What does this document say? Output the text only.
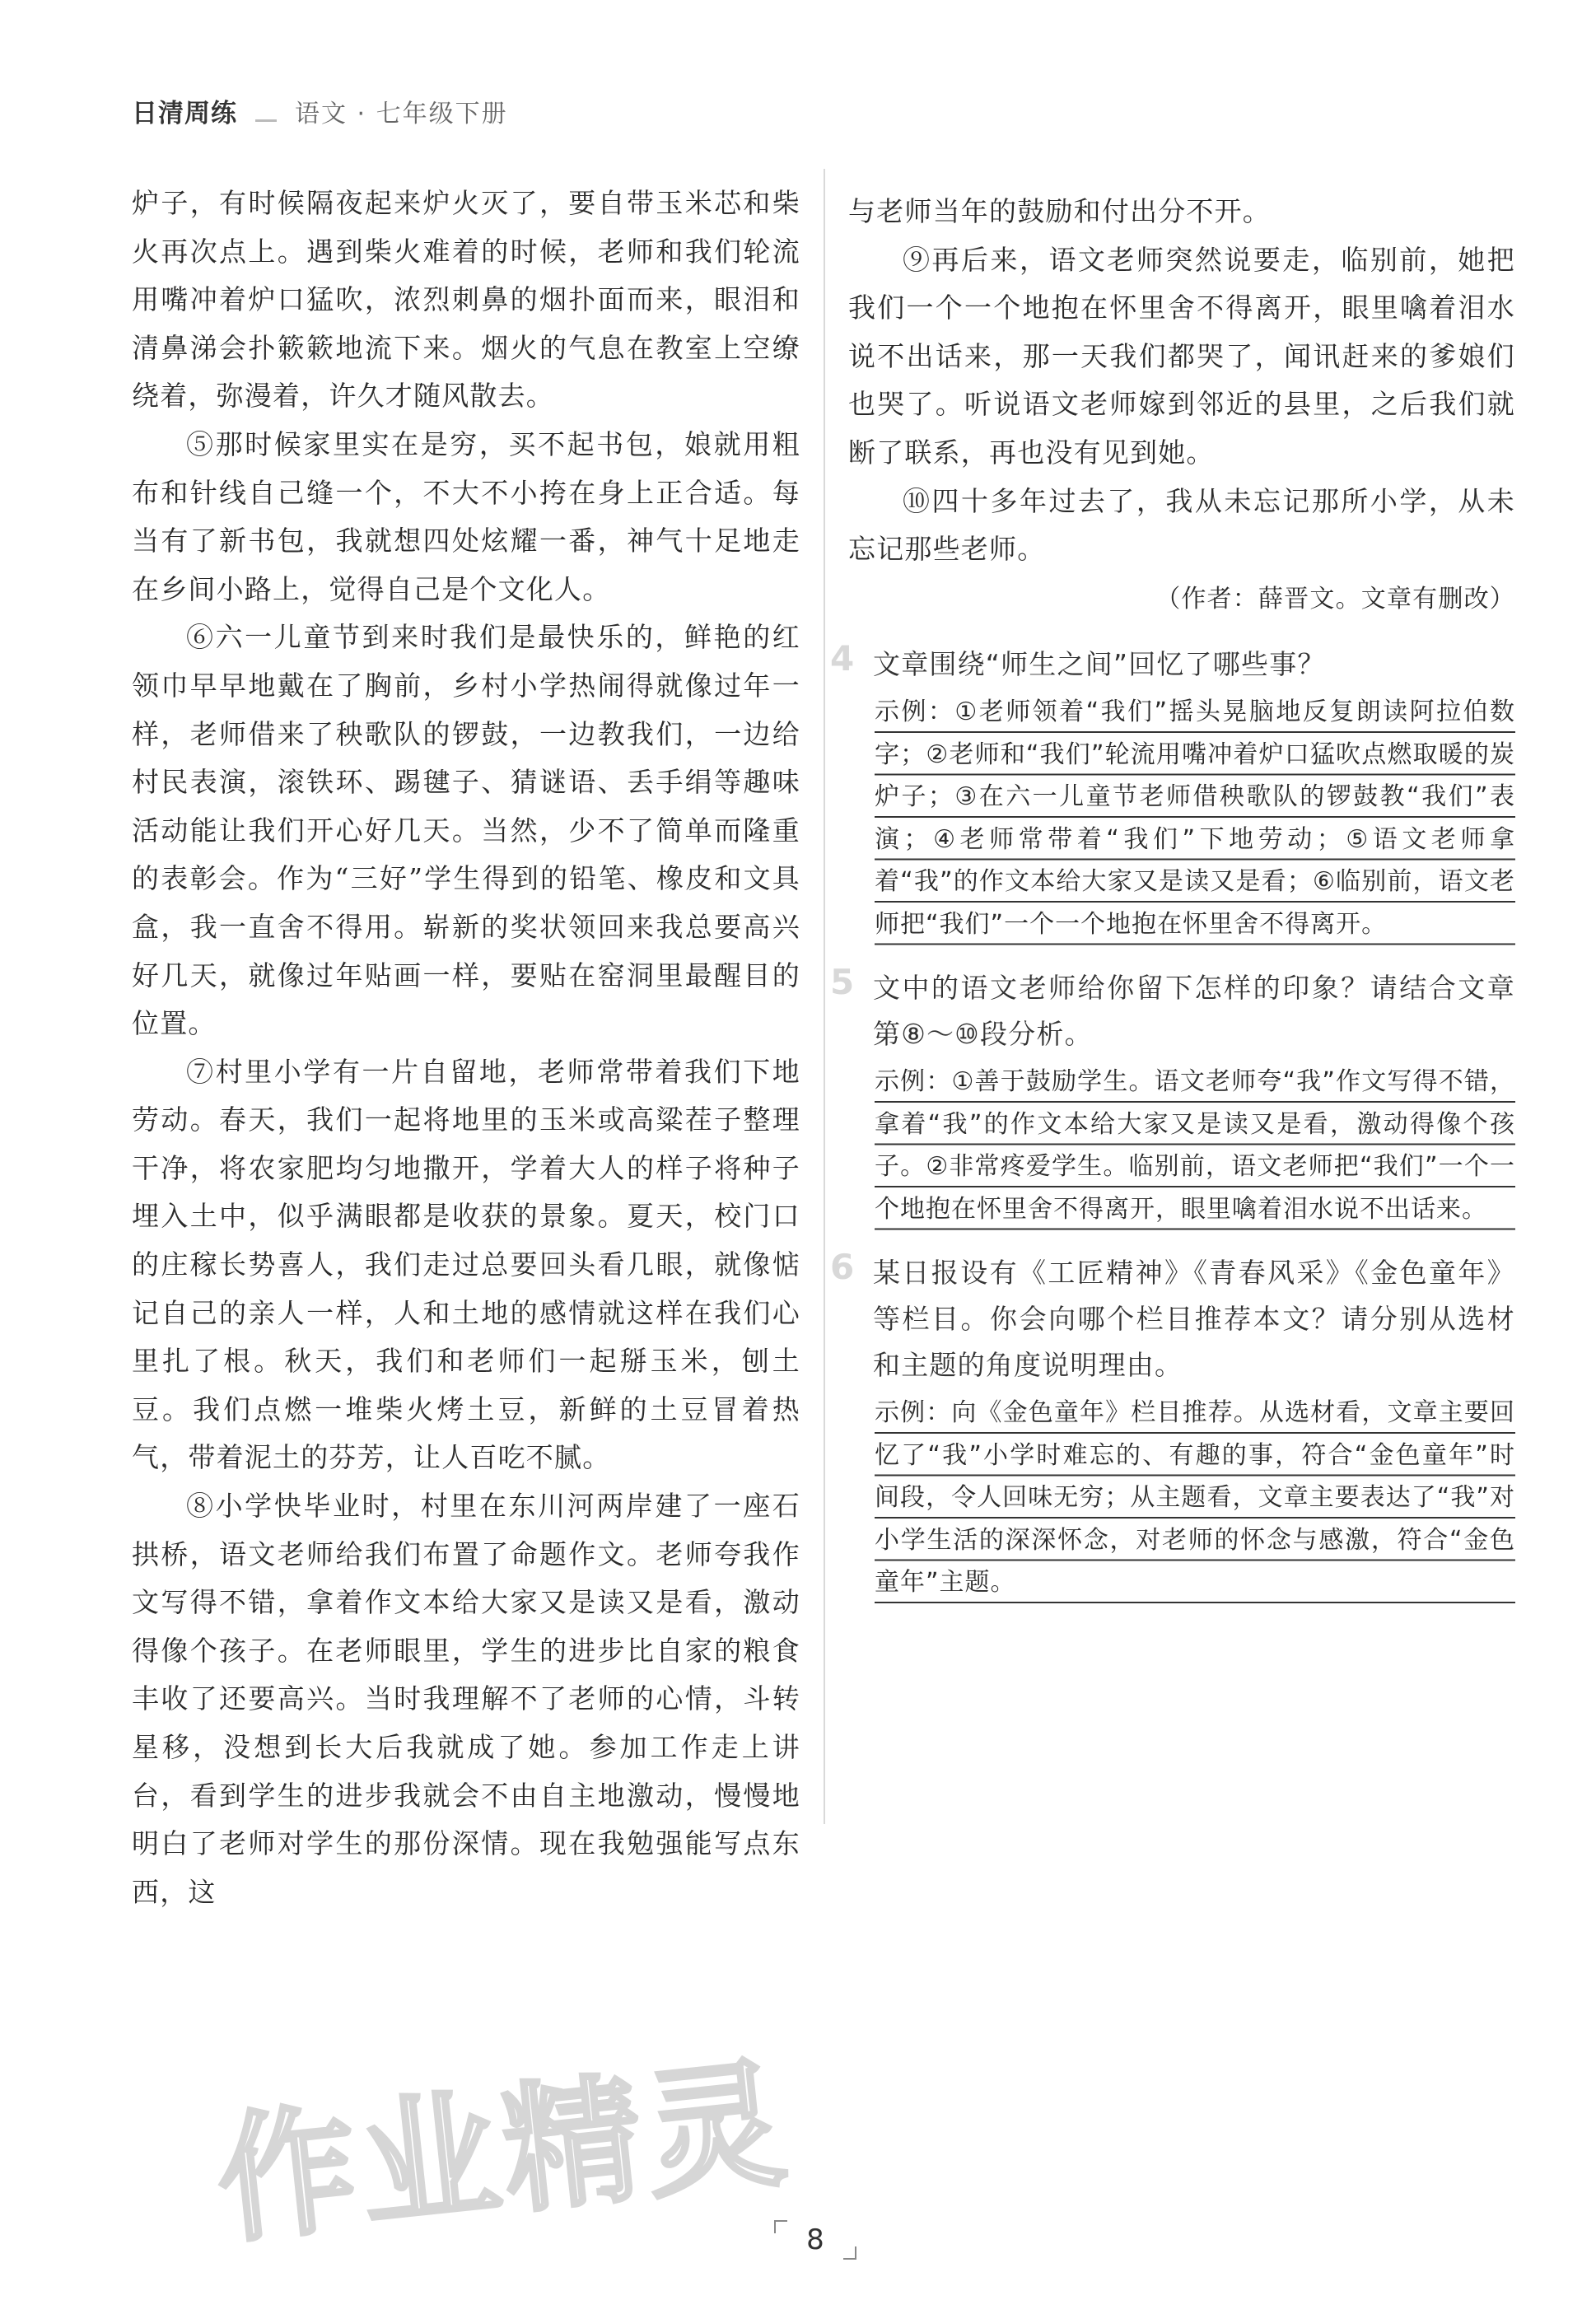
日清周练 语文 · 七年级下册

炉子，有时候隔夜起来炉火灭了，要自带玉米芯和柴火再次点上。遇到柴火难着的时候，老师和我们轮流用嘴冲着炉口猛吹，浓烈刺鼻的烟扑面而来，眼泪和清鼻涕会扑簌簌地流下来。烟火的气息在教室上空缭绕着，弥漫着，许久才随风散去。

⑤那时候家里实在是穷，买不起书包，娘就用粗布和针线自己缝一个，不大不小挎在身上正合适。每当有了新书包，我就想四处炫耀一番，神气十足地走在乡间小路上，觉得自己是个文化人。

⑥六一儿童节到来时我们是最快乐的，鲜艳的红领巾早早地戴在了胸前，乡村小学热闹得就像过年一样，老师借来了秧歌队的锣鼓，一边教我们，一边给村民表演，滚铁环、踢毽子、猜谜语、丢手绢等趣味活动能让我们开心好几天。当然，少不了简单而隆重的表彰会。作为“三好”学生得到的铅笔、橡皮和文具盒，我一直舍不得用。崭新的奖状领回来我总要高兴好几天，就像过年贴画一样，要贴在窑洞里最醒目的位置。

⑦村里小学有一片自留地，老师常带着我们下地劳动。春天，我们一起将地里的玉米或高粱茬子整理干净，将农家肥均匀地撒开，学着大人的样子将种子埋入土中，似乎满眼都是收获的景象。夏天，校门口的庄稼长势喜人，我们走过总要回头看几眼，就像惦记自己的亲人一样，人和土地的感情就这样在我们心里扎了根。秋天，我们和老师们一起掰玉米，刨土豆。我们点燃一堆柴火烤土豆，新鲜的土豆冒着热气，带着泥土的芬芳，让人百吃不腻。

⑧小学快毕业时，村里在东川河两岸建了一座石拱桥，语文老师给我们布置了命题作文。老师夸我作文写得不错，拿着作文本给大家又是读又是看，激动得像个孩子。在老师眼里，学生的进步比自家的粮食丰收了还要高兴。当时我理解不了老师的心情，斗转星移，没想到长大后我就成了她。参加工作走上讲台，看到学生的进步我就会不由自主地激动，慢慢地明白了老师对学生的那份深情。现在我勉强能写点东西，这

与老师当年的鼓励和付出分不开。

⑨再后来，语文老师突然说要走，临别前，她把我们一个一个地抱在怀里舍不得离开，眼里噙着泪水说不出话来，那一天我们都哭了，闻讯赶来的爹娘们也哭了。听说语文老师嫁到邻近的县里，之后我们就断了联系，再也没有见到她。

⑩四十多年过去了，我从未忘记那所小学，从未忘记那些老师。

（作者：薛晋文。文章有删改）

4 文章围绕“师生之间”回忆了哪些事？
示例：①老师领着“我们”摇头晃脑地反复朗读阿拉伯数字；②老师和“我们”轮流用嘴冲着炉口猛吹点燃取暖的炭炉子；③在六一儿童节老师借秧歌队的锣鼓教“我们”表演；④老师常带着“我们”下地劳动；⑤语文老师拿着“我”的作文本给大家又是读又是看；⑥临别前，语文老师把“我们”一个一个地抱在怀里舍不得离开。
5 文中的语文老师给你留下怎样的印象？请结合文章第⑧～⑩段分析。
示例：①善于鼓励学生。语文老师夸“我”作文写得不错，拿着“我”的作文本给大家又是读又是看，激动得像个孩子。②非常疼爱学生。临别前，语文老师把“我们”一个一个地抱在怀里舍不得离开，眼里噙着泪水说不出话来。
6 某日报设有《工匠精神》《青春风采》《金色童年》等栏目。你会向哪个栏目推荐本文？请分别从选材和主题的角度说明理由。
示例：向《金色童年》栏目推荐。从选材看，文章主要回忆了“我”小学时难忘的、有趣的事，符合“金色童年”时间段，令人回味无穷；从主题看，文章主要表达了“我”对小学生活的深深怀念，对老师的怀念与感激，符合“金色童年”主题。
作业精灵 8
